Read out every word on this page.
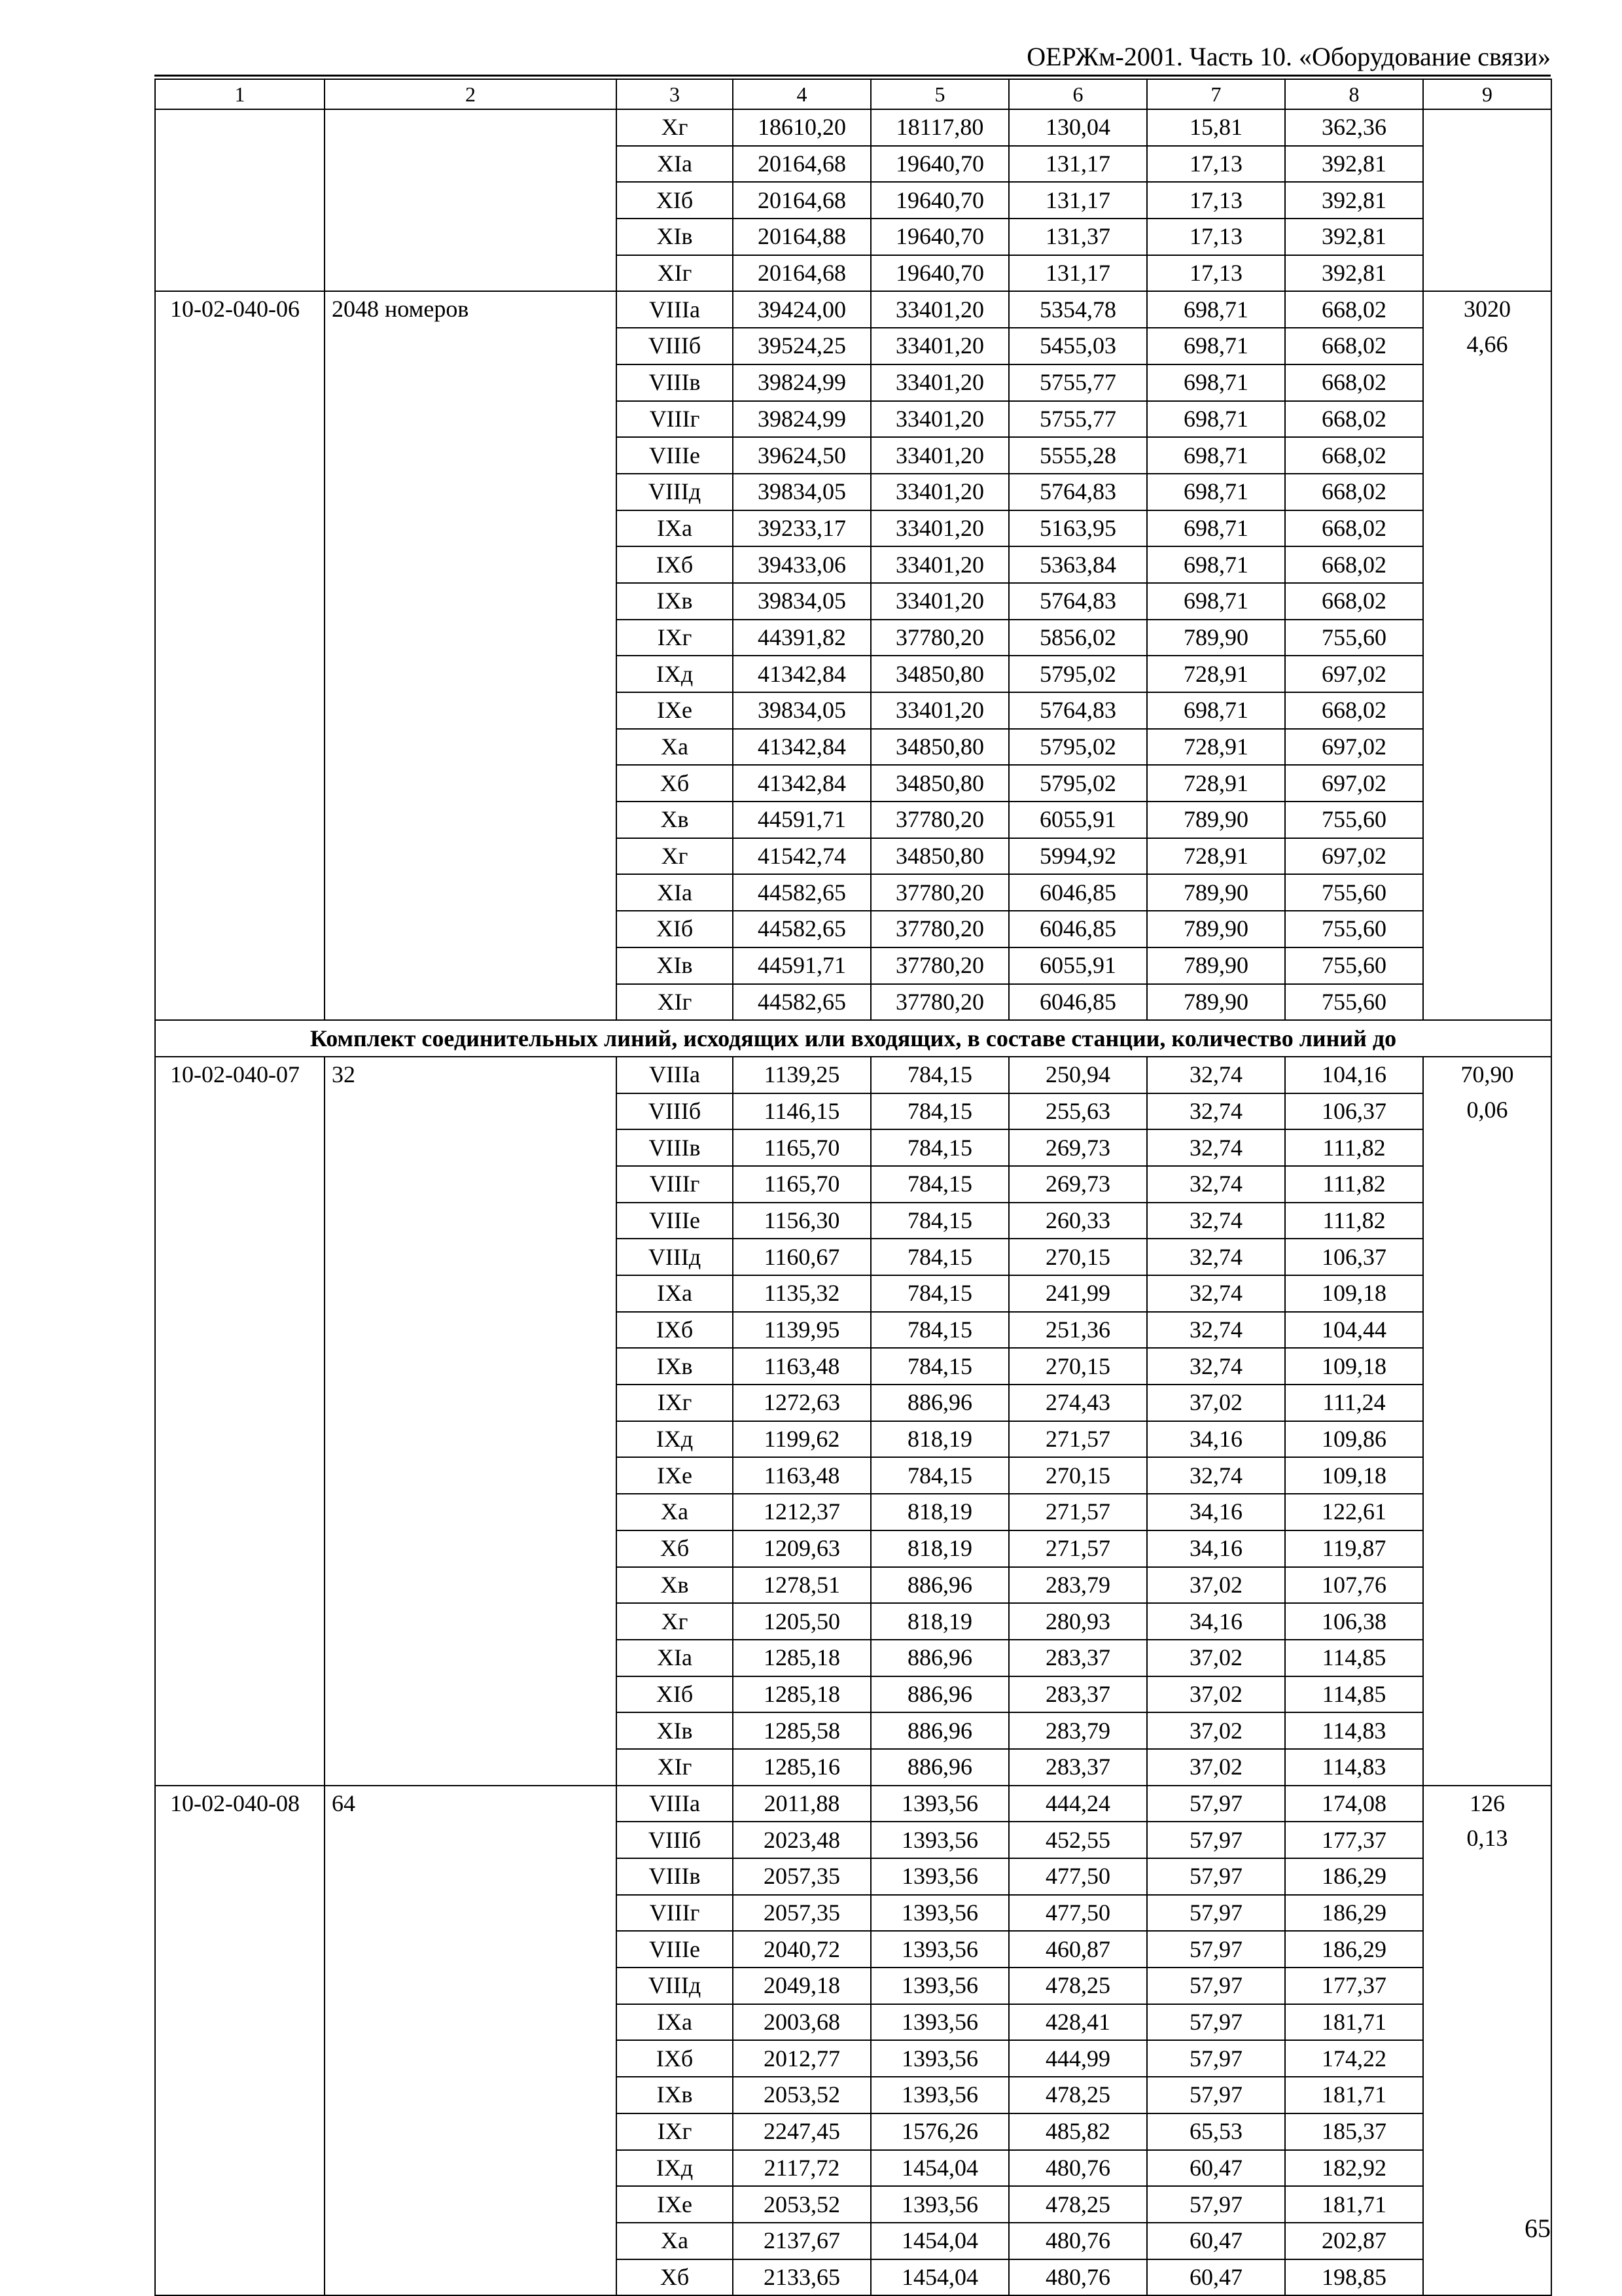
ОЕРЖм-2001. Часть 10. «Оборудование связи»
1	2	3	4	5	6	7	8	9
		Xг	18610,20	18117,80	130,04	15,81	362,36	
		XIа	20164,68	19640,70	131,17	17,13	392,81	
		XIб	20164,68	19640,70	131,17	17,13	392,81	
		XIв	20164,88	19640,70	131,37	17,13	392,81	
		XIг	20164,68	19640,70	131,17	17,13	392,81	
10-02-040-06	2048 номеров	VIIIа	39424,00	33401,20	5354,78	698,71	668,02	3020
4,66

		VIIIб	39524,25	33401,20	5455,03	698,71	668,02	
		VIIIв	39824,99	33401,20	5755,77	698,71	668,02	
		VIIIг	39824,99	33401,20	5755,77	698,71	668,02	
		VIIIе	39624,50	33401,20	5555,28	698,71	668,02	
		VIIIд	39834,05	33401,20	5764,83	698,71	668,02	
		IXа	39233,17	33401,20	5163,95	698,71	668,02	
		IXб	39433,06	33401,20	5363,84	698,71	668,02	
		IXв	39834,05	33401,20	5764,83	698,71	668,02	
		IXг	44391,82	37780,20	5856,02	789,90	755,60	
		IXд	41342,84	34850,80	5795,02	728,91	697,02	
		IXе	39834,05	33401,20	5764,83	698,71	668,02	
		Xа	41342,84	34850,80	5795,02	728,91	697,02	
		Xб	41342,84	34850,80	5795,02	728,91	697,02	
		Xв	44591,71	37780,20	6055,91	789,90	755,60	
		Xг	41542,74	34850,80	5994,92	728,91	697,02	
		XIа	44582,65	37780,20	6046,85	789,90	755,60	
		XIб	44582,65	37780,20	6046,85	789,90	755,60	
		XIв	44591,71	37780,20	6055,91	789,90	755,60	
		XIг	44582,65	37780,20	6046,85	789,90	755,60	
Комплект соединительных линий, исходящих или входящих, в составе станции, количество линий до								
10-02-040-07	32	VIIIа	1139,25	784,15	250,94	32,74	104,16	70,90
0,06

		VIIIб	1146,15	784,15	255,63	32,74	106,37	
		VIIIв	1165,70	784,15	269,73	32,74	111,82	
		VIIIг	1165,70	784,15	269,73	32,74	111,82	
		VIIIе	1156,30	784,15	260,33	32,74	111,82	
		VIIIд	1160,67	784,15	270,15	32,74	106,37	
		IXа	1135,32	784,15	241,99	32,74	109,18	
		IXб	1139,95	784,15	251,36	32,74	104,44	
		IXв	1163,48	784,15	270,15	32,74	109,18	
		IXг	1272,63	886,96	274,43	37,02	111,24	
		IXд	1199,62	818,19	271,57	34,16	109,86	
		IXе	1163,48	784,15	270,15	32,74	109,18	
		Xа	1212,37	818,19	271,57	34,16	122,61	
		Xб	1209,63	818,19	271,57	34,16	119,87	
		Xв	1278,51	886,96	283,79	37,02	107,76	
		Xг	1205,50	818,19	280,93	34,16	106,38	
		XIа	1285,18	886,96	283,37	37,02	114,85	
		XIб	1285,18	886,96	283,37	37,02	114,85	
		XIв	1285,58	886,96	283,79	37,02	114,83	
		XIг	1285,16	886,96	283,37	37,02	114,83	
10-02-040-08	64	VIIIа	2011,88	1393,56	444,24	57,97	174,08	126
0,13

		VIIIб	2023,48	1393,56	452,55	57,97	177,37	
		VIIIв	2057,35	1393,56	477,50	57,97	186,29	
		VIIIг	2057,35	1393,56	477,50	57,97	186,29	
		VIIIе	2040,72	1393,56	460,87	57,97	186,29	
		VIIIд	2049,18	1393,56	478,25	57,97	177,37	
		IXа	2003,68	1393,56	428,41	57,97	181,71	
		IXб	2012,77	1393,56	444,99	57,97	174,22	
		IXв	2053,52	1393,56	478,25	57,97	181,71	
		IXг	2247,45	1576,26	485,82	65,53	185,37	
		IXд	2117,72	1454,04	480,76	60,47	182,92	
		IXе	2053,52	1393,56	478,25	57,97	181,71	
		Xа	2137,67	1454,04	480,76	60,47	202,87	
		Xб	2133,65	1454,04	480,76	60,47	198,85	
65
